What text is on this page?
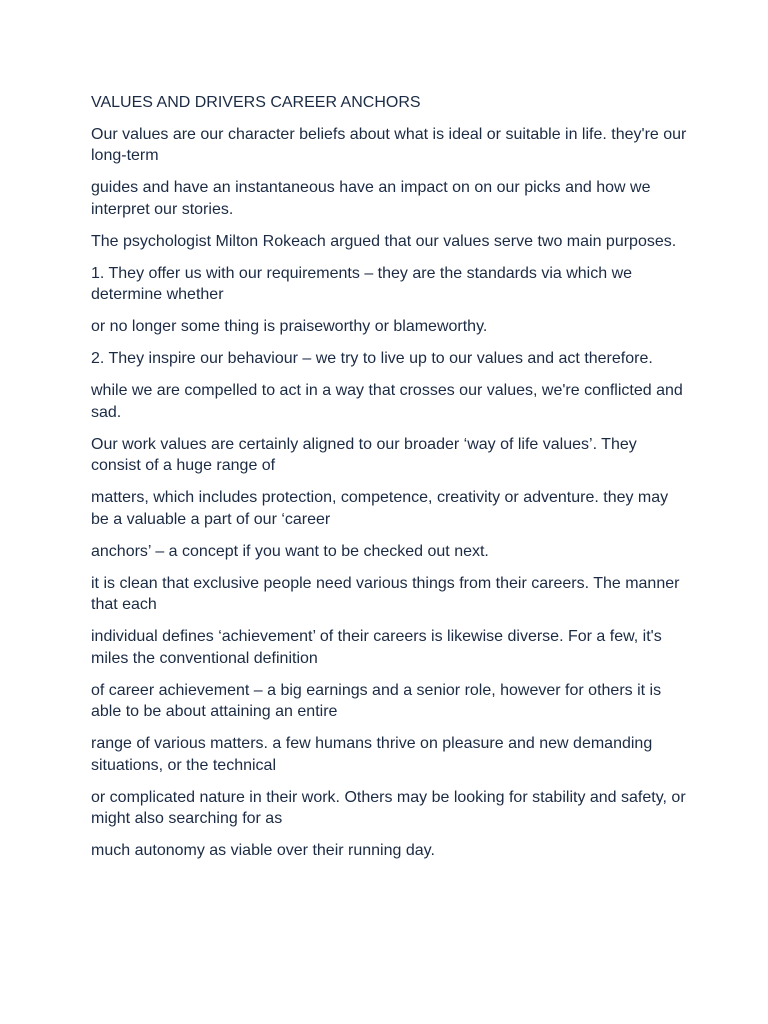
VALUES AND DRIVERS CAREER ANCHORS

Our values are our character beliefs about what is ideal or suitable in life. they're our long-term

guides and have an instantaneous have an impact on on our picks and how we interpret our stories.

The psychologist Milton Rokeach argued that our values serve two main purposes.

1. They offer us with our requirements – they are the standards via which we determine whether

or no longer some thing is praiseworthy or blameworthy.

2. They inspire our behaviour – we try to live up to our values and act therefore.

while we are compelled to act in a way that crosses our values, we're conflicted and sad.

Our work values are certainly aligned to our broader ‘way of life values’. They consist of a huge range of

matters, which includes protection, competence, creativity or adventure. they may be a valuable a part of our ‘career

anchors’ – a concept if you want to be checked out next.

it is clean that exclusive people need various things from their careers. The manner that each

individual defines ‘achievement’ of their careers is likewise diverse. For a few, it's miles the conventional definition

of career achievement – a big earnings and a senior role, however for others it is able to be about attaining an entire

range of various matters. a few humans thrive on pleasure and new demanding situations, or the technical

or complicated nature in their work. Others may be looking for stability and safety, or might also searching for as

much autonomy as viable over their running day.
